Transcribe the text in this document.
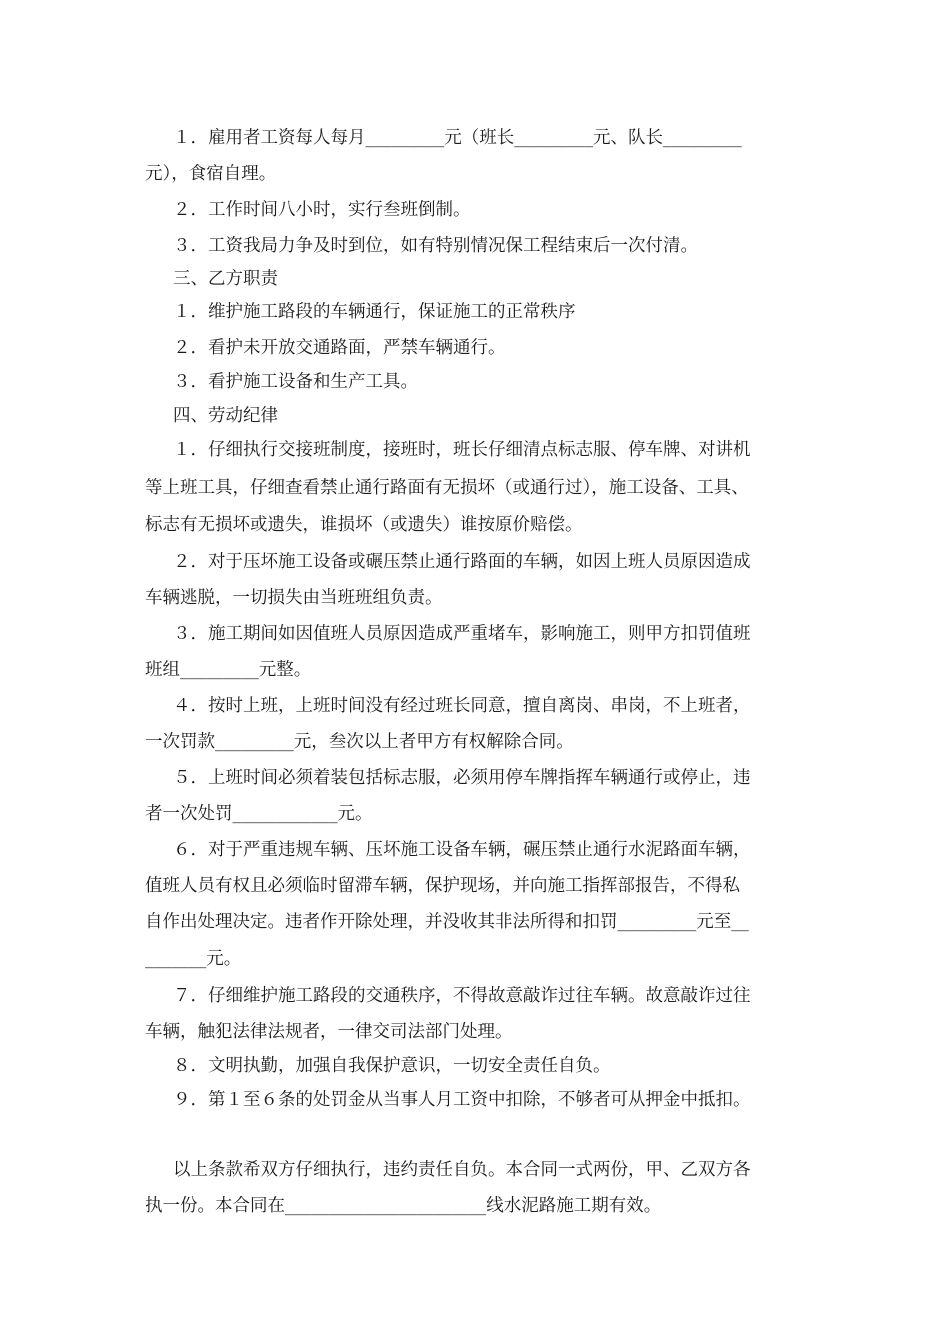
１．雇用者工资每人每月_________元（班长_________元、队长_________
元），食宿自理。
２．工作时间八小时，实行叁班倒制。
３．工资我局力争及时到位，如有特别情况保工程结束后一次付清。
三、乙方职责
１．维护施工路段的车辆通行，保证施工的正常秩序
２．看护未开放交通路面，严禁车辆通行。
３．看护施工设备和生产工具。
四、劳动纪律
１．仔细执行交接班制度，接班时，班长仔细清点标志服、停车牌、对讲机
等上班工具，仔细查看禁止通行路面有无损坏（或通行过），施工设备、工具、
标志有无损坏或遗失，谁损坏（或遗失）谁按原价赔偿。
２．对于压坏施工设备或碾压禁止通行路面的车辆，如因上班人员原因造成
车辆逃脱，一切损失由当班班组负责。
３．施工期间如因值班人员原因造成严重堵车，影响施工，则甲方扣罚值班
班组_________元整。
４．按时上班，上班时间没有经过班长同意，擅自离岗、串岗，不上班者，
一次罚款_________元，叁次以上者甲方有权解除合同。
５．上班时间必须着装包括标志服，必须用停车牌指挥车辆通行或停止，违
者一次处罚____________元。
６．对于严重违规车辆、压坏施工设备车辆，碾压禁止通行水泥路面车辆，
值班人员有权且必须临时留滞车辆，保护现场，并向施工指挥部报告，不得私
自作出处理决定。违者作开除处理，并没收其非法所得和扣罚_________元至__
_______元。
７．仔细维护施工路段的交通秩序，不得故意敲诈过往车辆。故意敲诈过往
车辆，触犯法律法规者，一律交司法部门处理。
８．文明执勤，加强自我保护意识，一切安全责任自负。
９．第１至６条的处罚金从当事人月工资中扣除，不够者可从押金中抵扣。
以上条款希双方仔细执行，违约责任自负。本合同一式两份，甲、乙双方各
执一份。本合同在_______________________线水泥路施工期有效。
